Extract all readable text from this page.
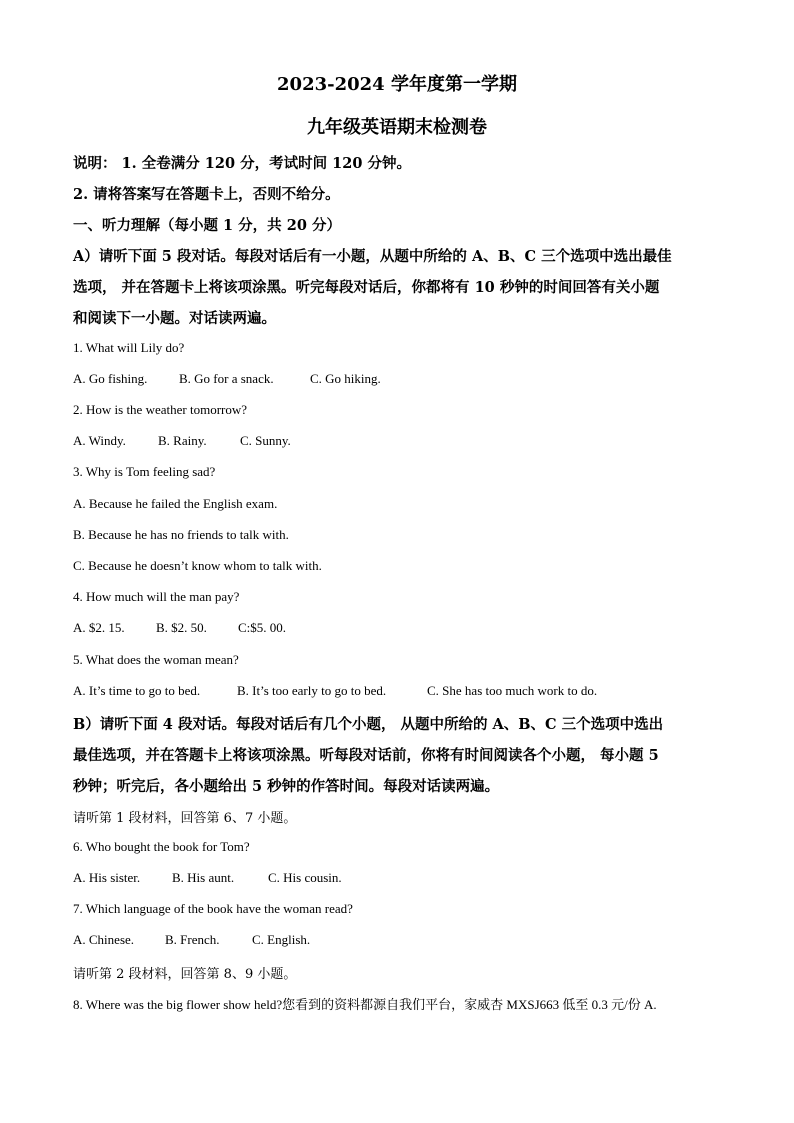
2023-2024 学年度第一学期
九年级英语期末检测卷
说明： 1. 全卷满分 120 分，考试时间 120 分钟。
2. 请将答案写在答题卡上，否则不给分。
一、听力理解（每小题 1 分，共 20 分）
A）请听下面 5 段对话。每段对话后有一小题，从题中所给的 A、B、C 三个选项中选出最佳
选项， 并在答题卡上将该项涂黑。听完每段对话后，你都将有 10 秒钟的时间回答有关小题
和阅读下一小题。对话读两遍。
1. What will Lily do?
A. Go fishing. B. Go for a snack.	C. Go hiking.
2. How is the weather tomorrow?
A. Windy. B. Rainy.	C. Sunny.
3. Why is Tom feeling sad?
A. Because he failed the English exam.
B. Because he has no friends to talk with.
C. Because he doesn’t know whom to talk with.
4. How much will the man pay?
A. $2. 15. B. $2. 50. C:$5. 00.
5. What does the woman mean?
A. It’s time to go to bed.	B. It’s too early to go to bed.	C. She has too much work to do.
B）请听下面 4 段对话。每段对话后有几个小题， 从题中所给的 A、B、C 三个选项中选出
最佳选项，并在答题卡上将该项涂黑。听每段对话前，你将有时间阅读各个小题， 每小题 5
秒钟；听完后，各小题给出 5 秒钟的作答时间。每段对话读两遍。
请听第 1 段材料，回答第 6、7 小题。
6. Who bought the book for Tom?
A. His sister. B. His aunt.	C. His cousin.
7. Which language of the book have the woman read?
A. Chinese. B. French. C. English.
请听第 2 段材料，回答第 8、9 小题。
8. Where was the big flower show held?您看到的资料都源自我们平台，家威杏 MXSJ663 低至 0.3 元/份 A.
